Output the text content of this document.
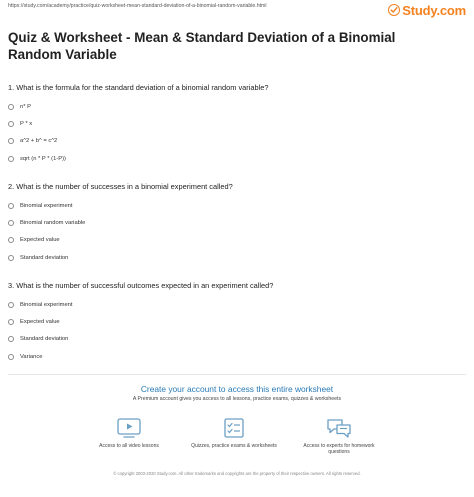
https://study.com/academy/practice/quiz-worksheet-mean-standard-deviation-of-a-binomial-random-variable.html	Study.com
Quiz & Worksheet - Mean & Standard Deviation of a Binomial Random Variable
1. What is the formula for the standard deviation of a binomial random variable?
n* P
P * x
a^2 + b^ = c^2
sqrt (n * P * (1-P))
2. What is the number of successes in a binomial experiment called?
Binomial experiment
Binomial random variable
Expected value
Standard deviation
3. What is the number of successful outcomes expected in an experiment called?
Binomial experiment
Expected value
Standard deviation
Variance
Create your account to access this entire worksheet
A Premium account gives you access to all lessons, practice exams, quizzes & worksheets
Access to all video lessons	Quizzes, practice exams & worksheets	Access to experts for homework questions
© copyright 2003-2020 Study.com. All other trademarks and copyrights are the property of their respective owners. All rights reserved.
